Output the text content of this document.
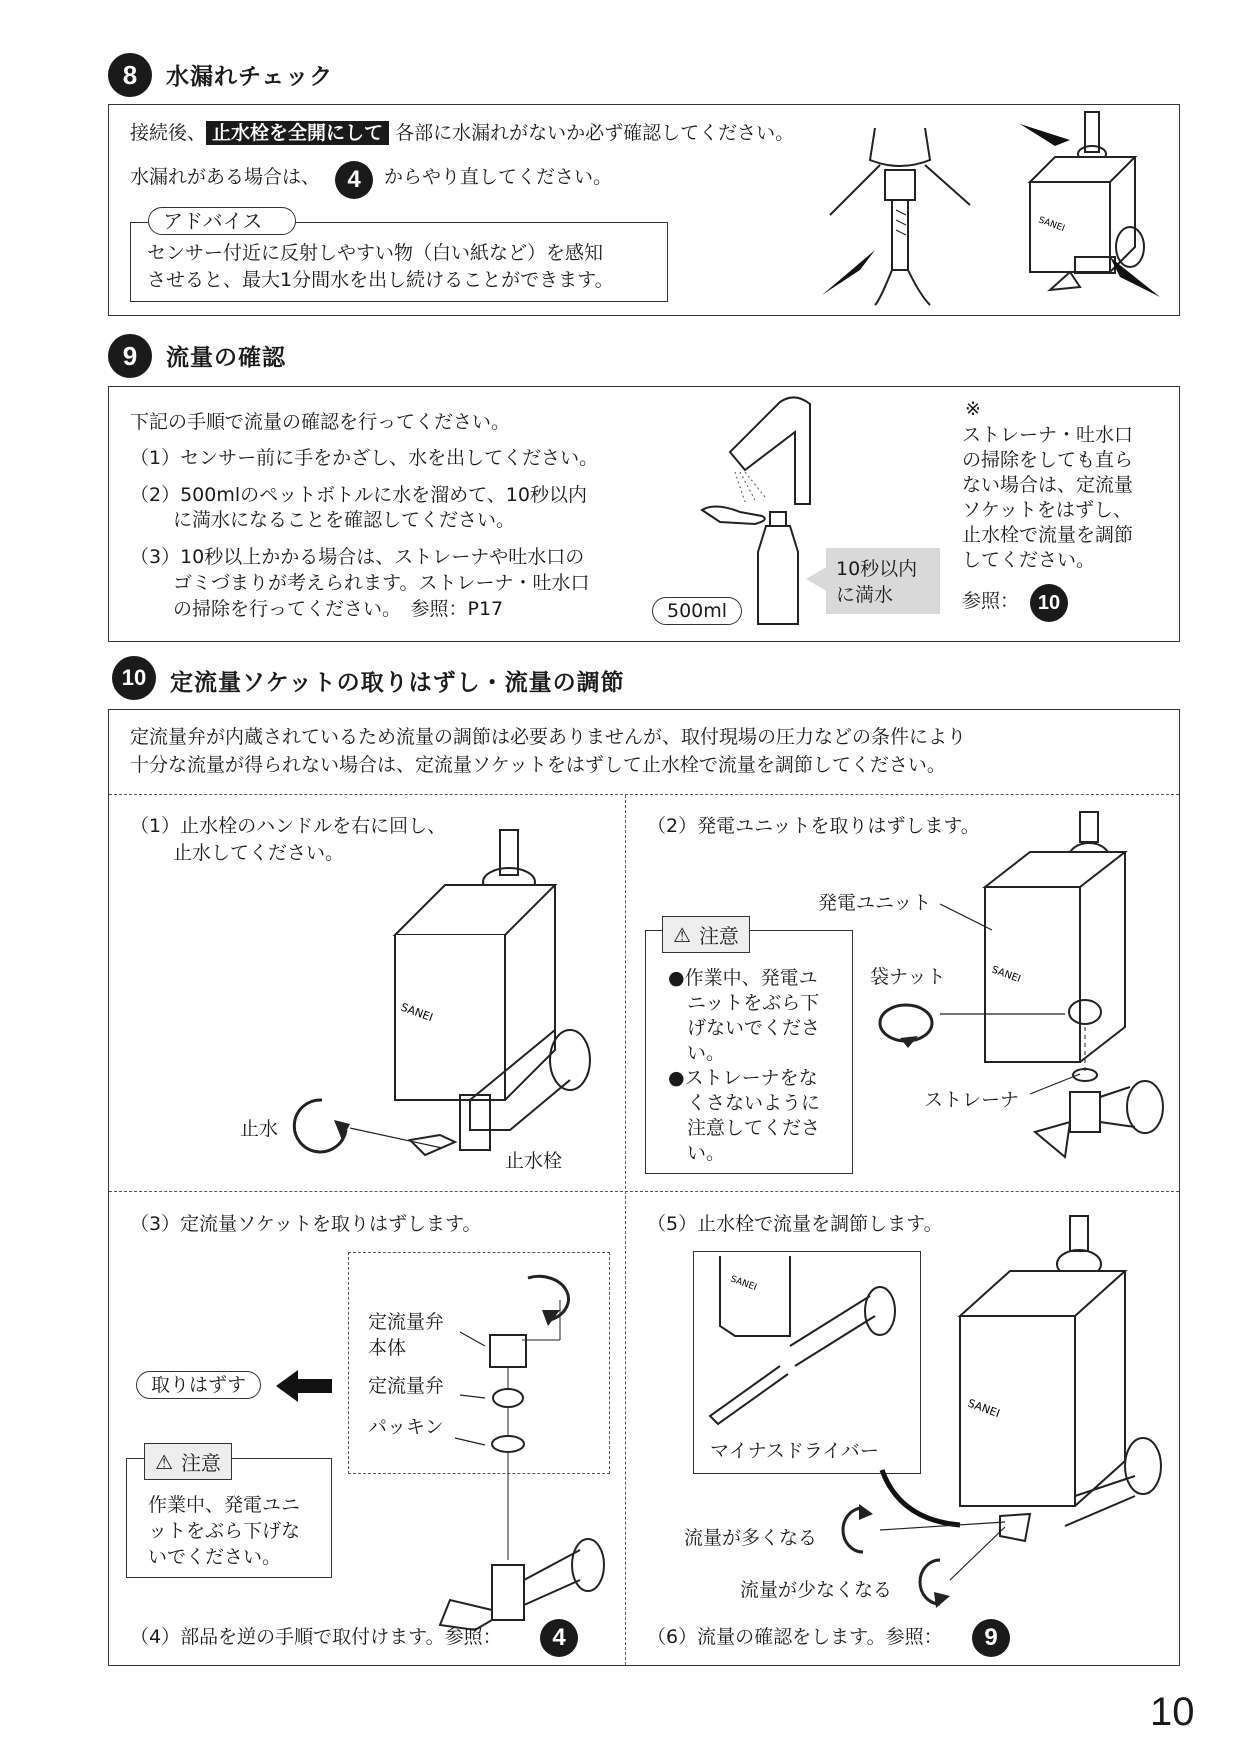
8	水漏れチェック
接続後、 止水栓を全開にして 各部に水漏れがないか必ず確認してください。
水漏れがある場合は、	4	からやり直してください。
アドバイス
センサー付近に反射しやすい物（白い紙など）を感知
させると、最大1分間水を出し続けることができます。
SANEI
9	流量の確認
下記の手順で流量の確認を行ってください。
（1）センサー前に手をかざし、水を出してください。
（2）500mlのペットボトルに水を溜めて、10秒以内
に満水になることを確認してください。
（3）10秒以上かかる場合は、ストレーナや吐水口の
ゴミづまりが考えられます。ストレーナ・吐水口
の掃除を行ってください。　参照：P17	500ml
10秒以内
に満水
※
ストレーナ・吐水口
の掃除をしても直ら
ない場合は、定流量
ソケットをはずし、
止水栓で流量を調節
してください。
参照： 10
10	定流量ソケットの取りはずし・流量の調節
定流量弁が内蔵されているため流量の調節は必要ありませんが、取付現場の圧力などの条件により
十分な流量が得られない場合は、定流量ソケットをはずして止水栓で流量を調節してください。
（1）止水栓のハンドルを右に回し、
止水してください。
SANEI
止水
止水栓
（2）発電ユニットを取りはずします。
⚠ 注意
●作業中、発電ユ
　ニットをぶら下
　げないでくださ
　い。
●ストレーナをな
　くさないように
　注意してくださ
　い。
SANEI
発電ユニット
袋ナット
ストレーナ
（3）定流量ソケットを取りはずします。
定流量弁
本体
定流量弁
パッキン
取りはずす
⚠ 注意
作業中、発電ユニ
ットをぶら下げな
いでください。
（4）部品を逆の手順で取付けます。参照：	4
（5）止水栓で流量を調節します。
SANEI
マイナスドライバー
SANEI
流量が多くなる
流量が少なくなる
（6）流量の確認をします。参照：	9
10
